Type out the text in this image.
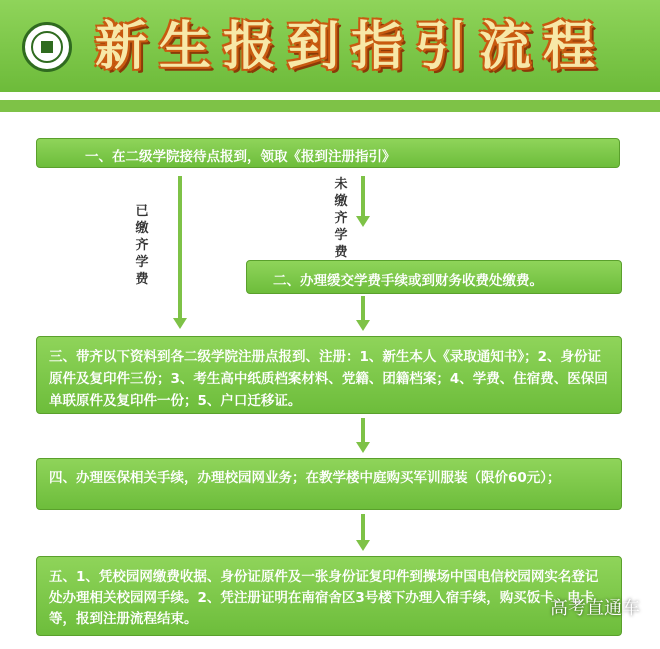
新生报到指引流程
一、在二级学院接待点报到，领取《报到注册指引》
已缴齐学费
未缴齐学费
二、办理缓交学费手续或到财务收费处缴费。
三、带齐以下资料到各二级学院注册点报到、注册：1、新生本人《录取通知书》；2、身份证原件及复印件三份；3、考生高中纸质档案材料、党籍、团籍档案；4、学费、住宿费、医保回单联原件及复印件一份；5、户口迁移证。
四、办理医保相关手续，办理校园网业务；在教学楼中庭购买军训服装（限价60元）；
五、1、凭校园网缴费收据、身份证原件及一张身份证复印件到操场中国电信校园网实名登记处办理相关校园网手续。2、凭注册证明在南宿舍区3号楼下办理入宿手续，购买饭卡、电卡等，报到注册流程结束。	高考直通车
